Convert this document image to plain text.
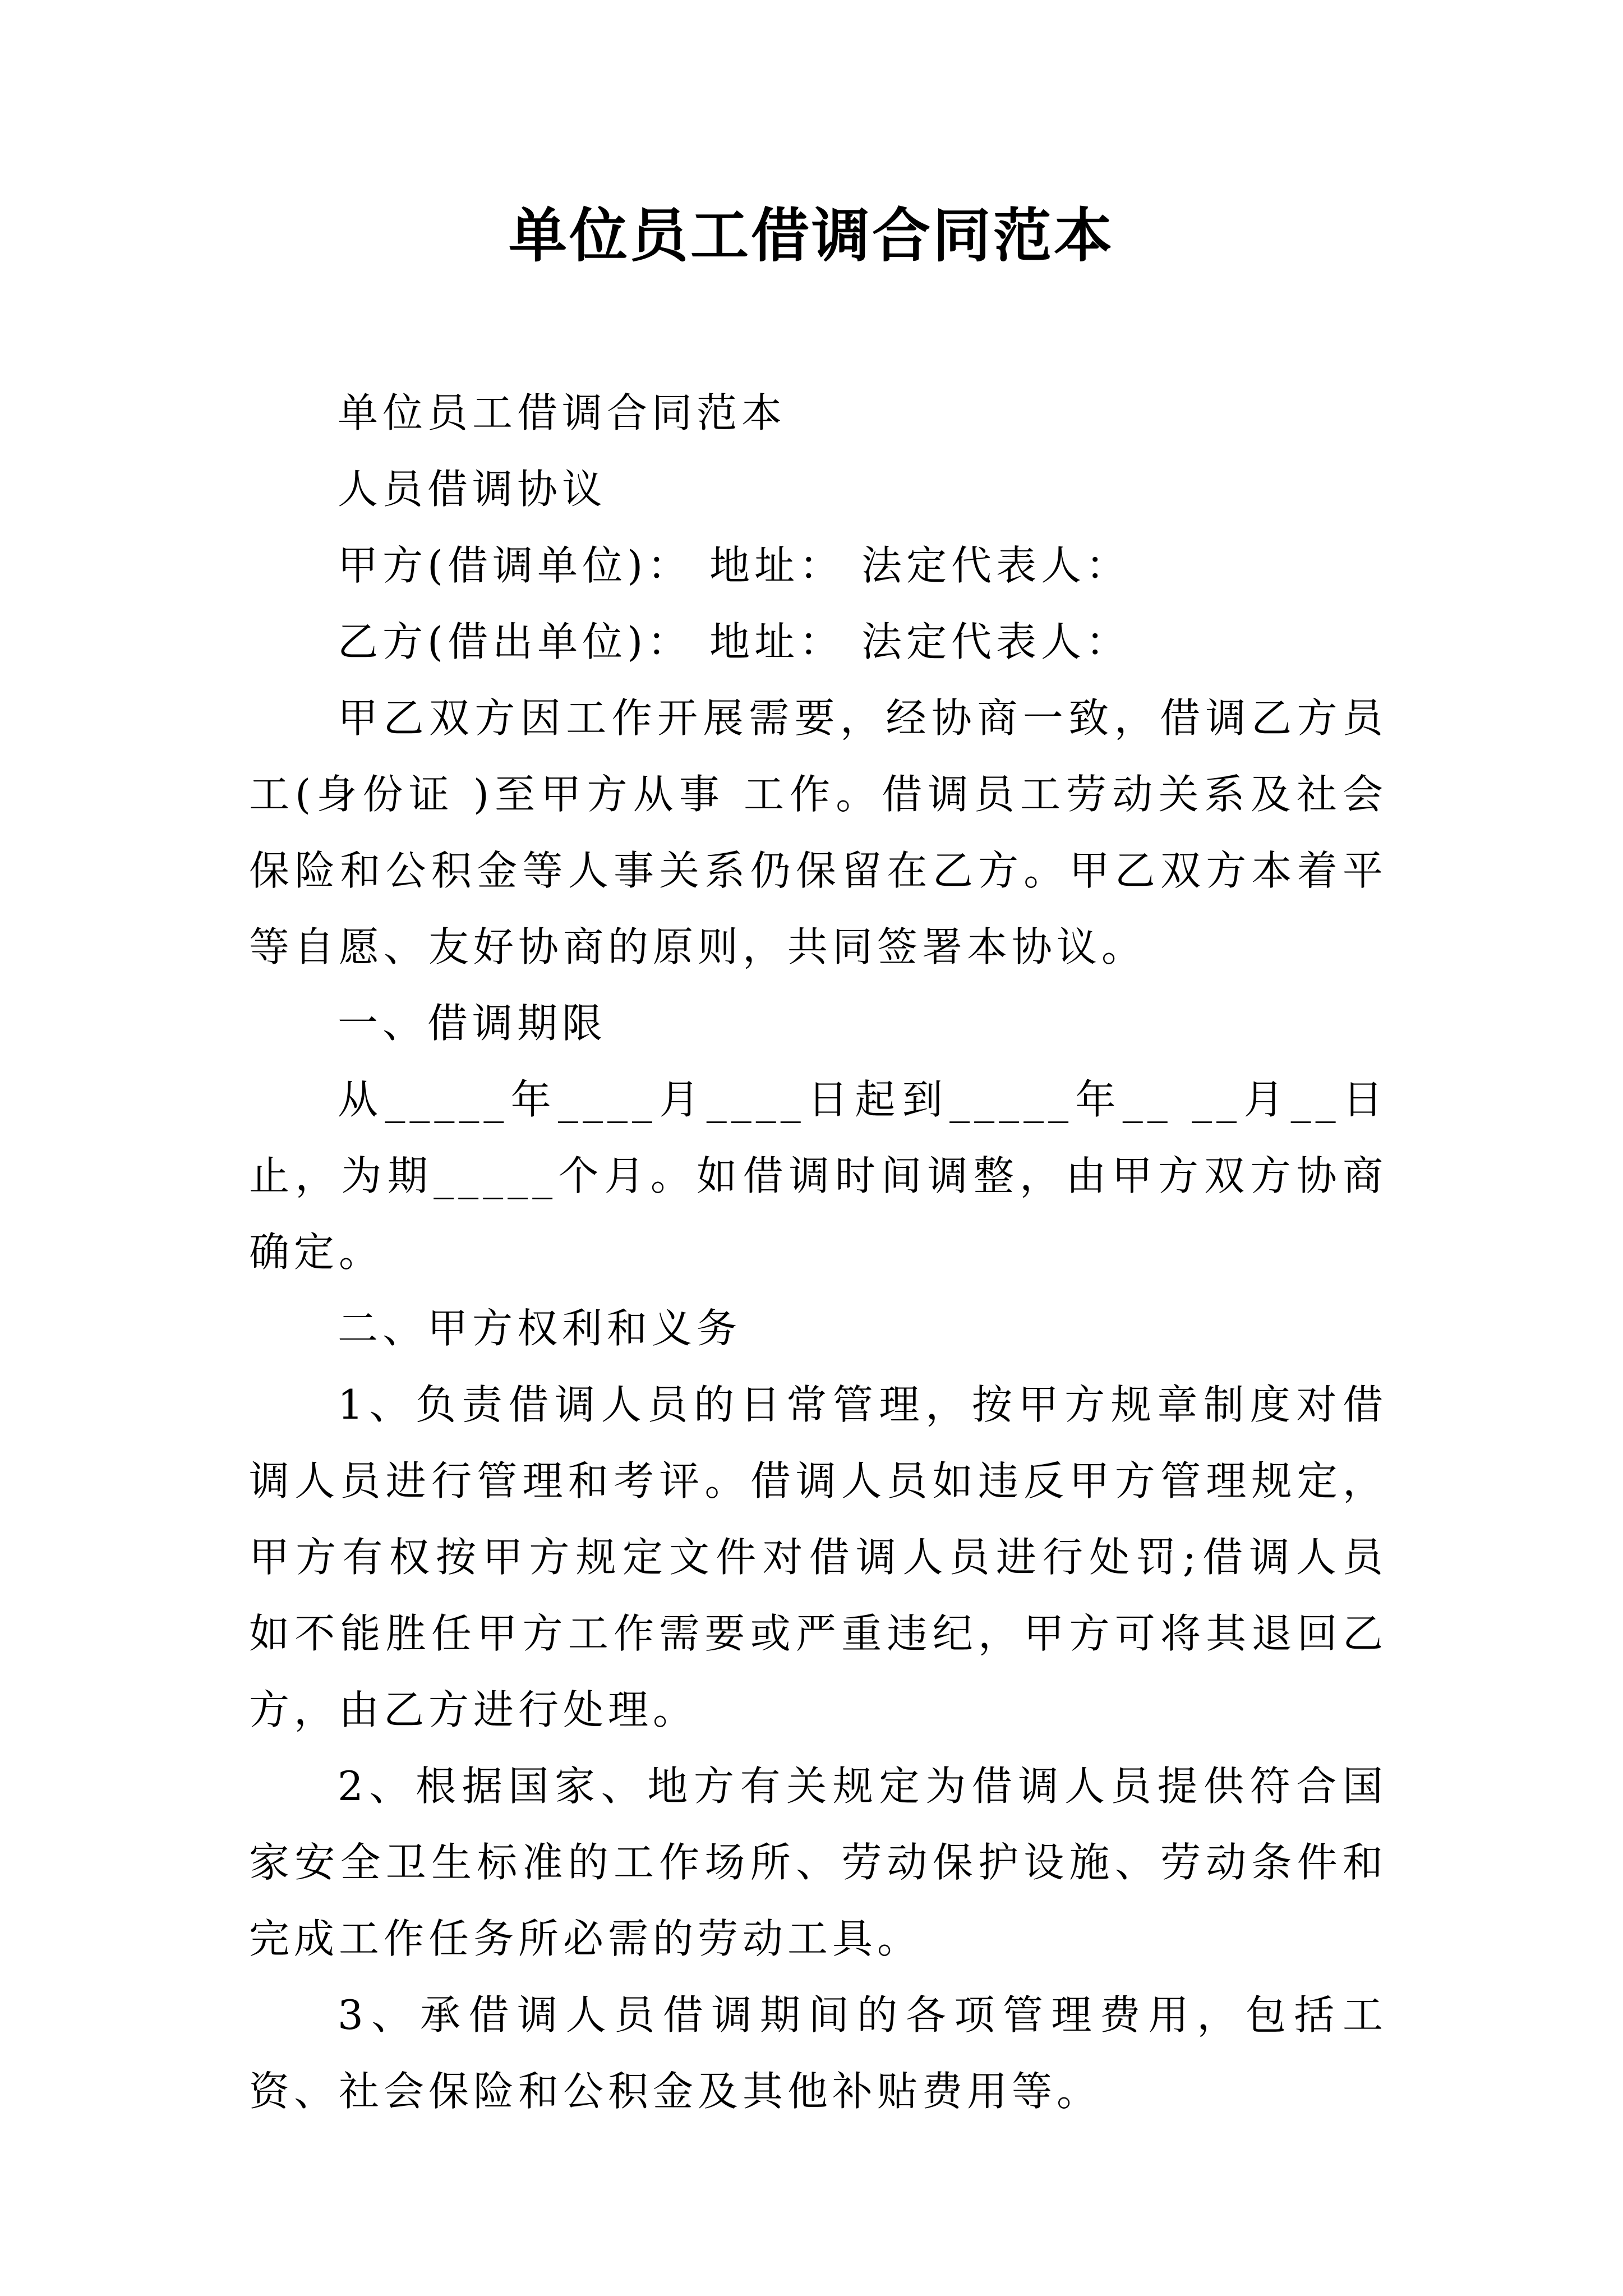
单位员工借调合同范本

单位员工借调合同范本

人员借调协议

甲方(借调单位)： 地址： 法定代表人：

乙方(借出单位)： 地址： 法定代表人：

甲乙双方因工作开展需要，经协商一致，借调乙方员工(身份证 )至甲方从事 工作。借调员工劳动关系及社会保险和公积金等人事关系仍保留在乙方。甲乙双方本着平等自愿、友好协商的原则，共同签署本协议。

一、借调期限

从_____年____月____日起到_____年__ __月__日止，为期_____个月。如借调时间调整，由甲方双方协商确定。

二、甲方权利和义务

1、负责借调人员的日常管理，按甲方规章制度对借调人员进行管理和考评。借调人员如违反甲方管理规定，甲方有权按甲方规定文件对借调人员进行处罚;借调人员如不能胜任甲方工作需要或严重违纪，甲方可将其退回乙方，由乙方进行处理。

2、根据国家、地方有关规定为借调人员提供符合国家安全卫生标准的工作场所、劳动保护设施、劳动条件和完成工作任务所必需的劳动工具。

3、承借调人员借调期间的各项管理费用，包括工资、社会保险和公积金及其他补贴费用等。
